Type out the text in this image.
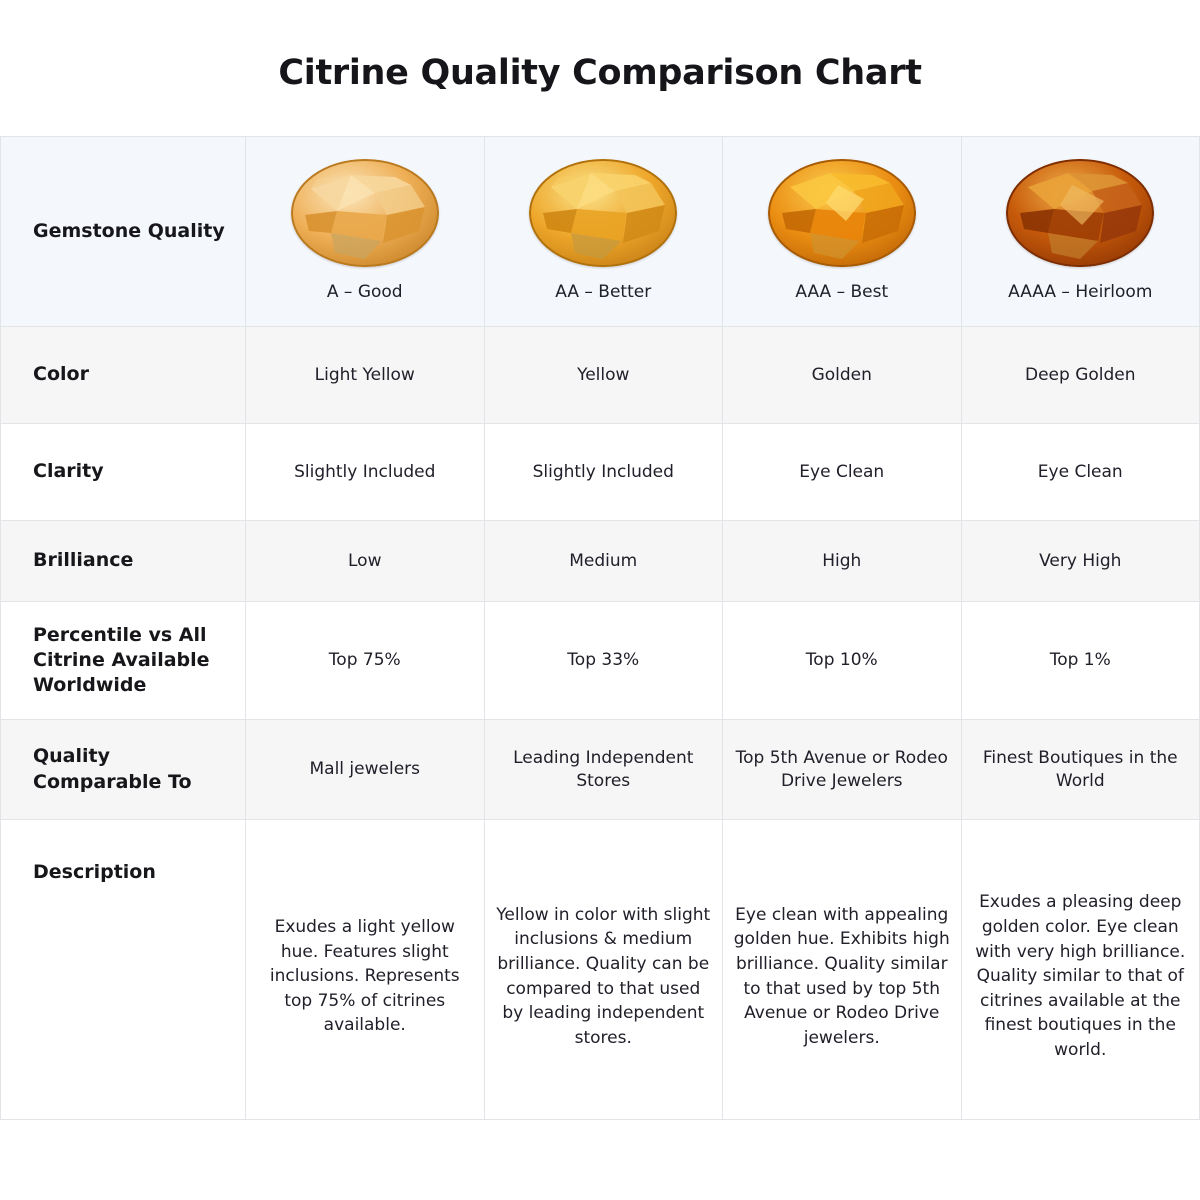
Citrine Quality Comparison Chart
Gemstone Quality	A – Good	AA – Better	AAA – Best	AAAA – Heirloom

Color	Light Yellow	Yellow	Golden	Deep Golden
Clarity	Slightly Included	Slightly Included	Eye Clean	Eye Clean
Brilliance	Low	Medium	High	Very High
Percentile vs All Citrine Available Worldwide	Top 75%	Top 33%	Top 10%	Top 1%
Quality Comparable To	Mall jewelers	Leading Independent Stores	Top 5th Avenue or Rodeo Drive Jewelers	Finest Boutiques in the World
Description	Exudes a light yellow hue. Features slight inclusions. Represents top 75% of citrines available.	Yellow in color with slight inclusions & medium brilliance. Quality can be compared to that used by leading independent stores.	Eye clean with appealing golden hue. Exhibits high brilliance. Quality similar to that used by top 5th Avenue or Rodeo Drive jewelers.	Exudes a pleasing deep golden color. Eye clean with very high brilliance. Quality similar to that of citrines available at the finest boutiques in the world.
